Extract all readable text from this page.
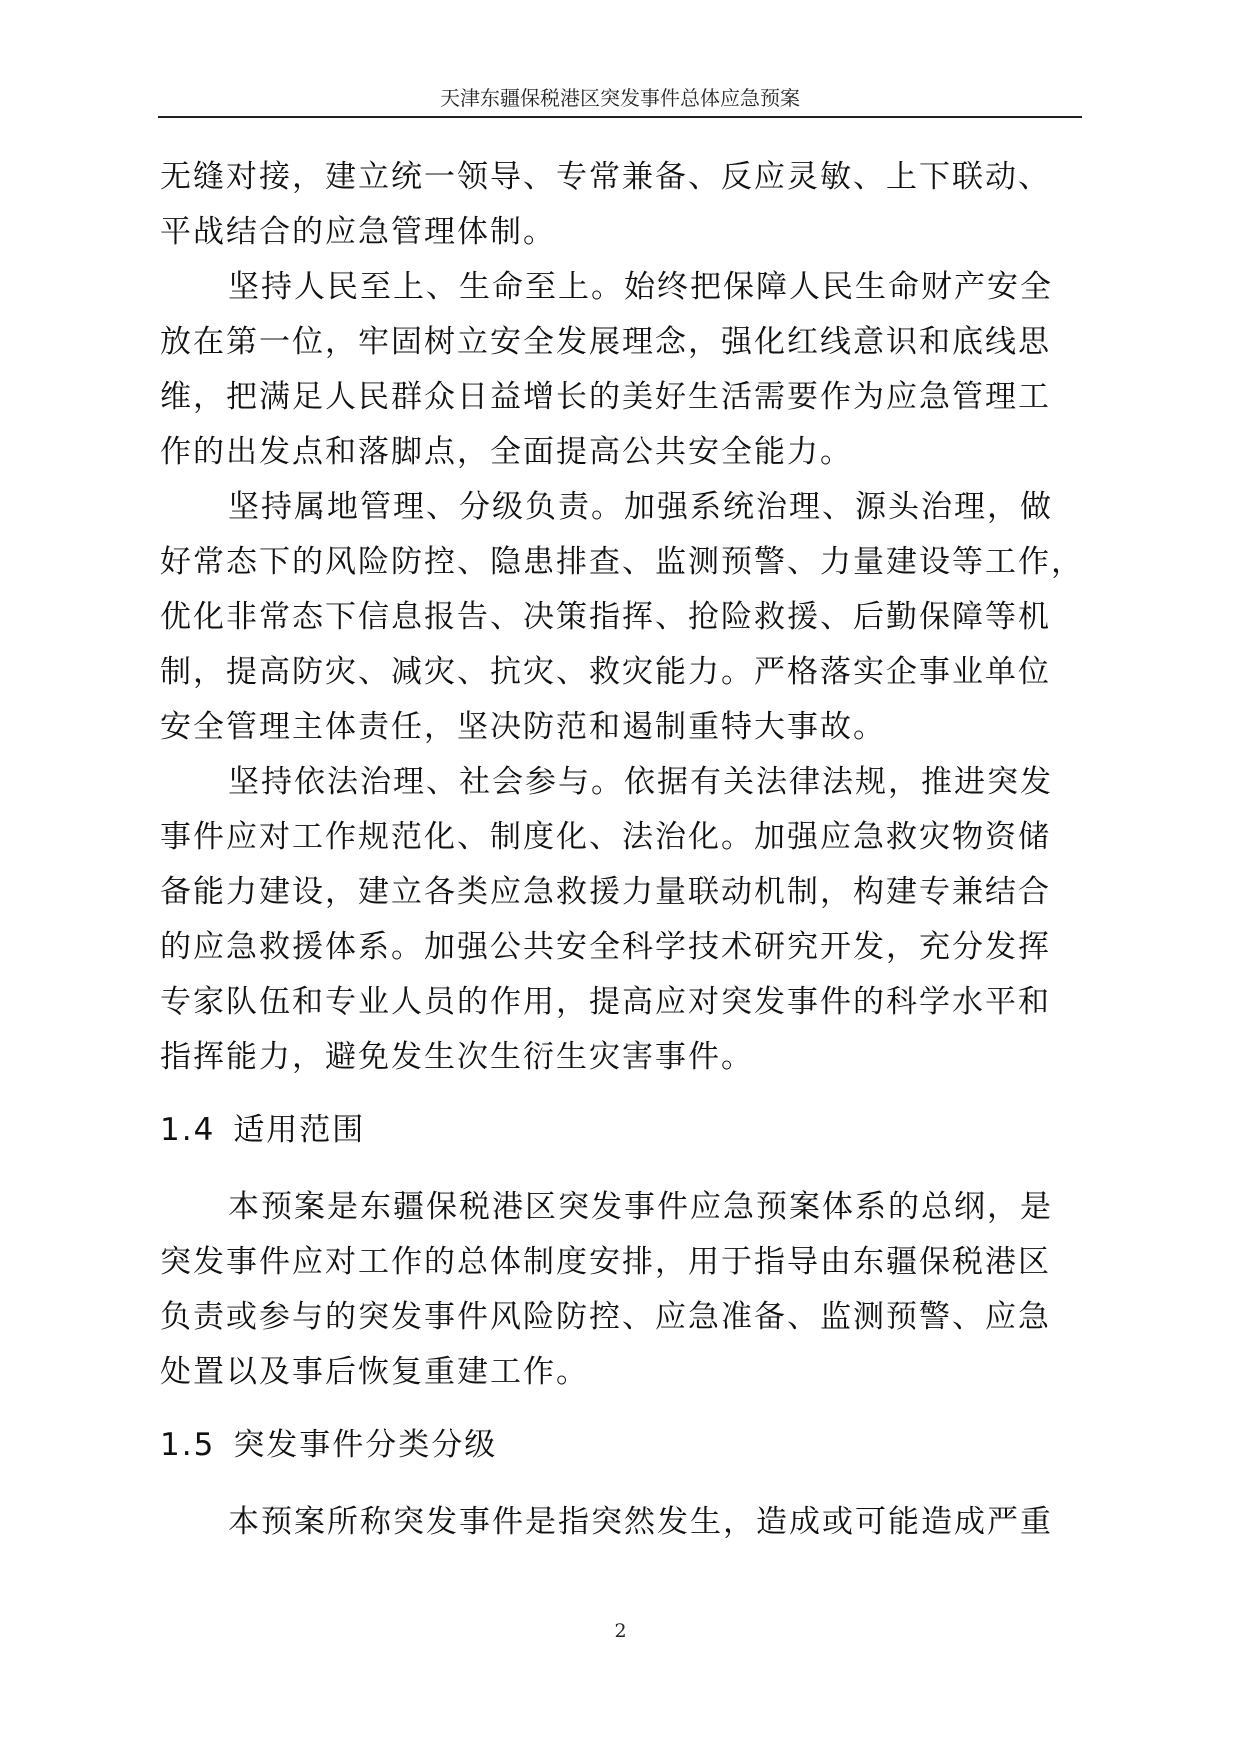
天津东疆保税港区突发事件总体应急预案

无缝对接，建立统一领导、专常兼备、反应灵敏、上下联动、
平战结合的应急管理体制。

坚持人民至上、生命至上。始终把保障人民生命财产安全
放在第一位，牢固树立安全发展理念，强化红线意识和底线思
维，把满足人民群众日益增长的美好生活需要作为应急管理工
作的出发点和落脚点，全面提高公共安全能力。

坚持属地管理、分级负责。加强系统治理、源头治理，做
好常态下的风险防控、隐患排查、监测预警、力量建设等工作，
优化非常态下信息报告、决策指挥、抢险救援、后勤保障等机
制，提高防灾、减灾、抗灾、救灾能力。严格落实企事业单位
安全管理主体责任，坚决防范和遏制重特大事故。

坚持依法治理、社会参与。依据有关法律法规，推进突发
事件应对工作规范化、制度化、法治化。加强应急救灾物资储
备能力建设，建立各类应急救援力量联动机制，构建专兼结合
的应急救援体系。加强公共安全科学技术研究开发，充分发挥
专家队伍和专业人员的作用，提高应对突发事件的科学水平和
指挥能力，避免发生次生衍生灾害事件。

1.4 适用范围

本预案是东疆保税港区突发事件应急预案体系的总纲，是
突发事件应对工作的总体制度安排，用于指导由东疆保税港区
负责或参与的突发事件风险防控、应急准备、监测预警、应急
处置以及事后恢复重建工作。

1.5 突发事件分类分级

本预案所称突发事件是指突然发生，造成或可能造成严重

2
